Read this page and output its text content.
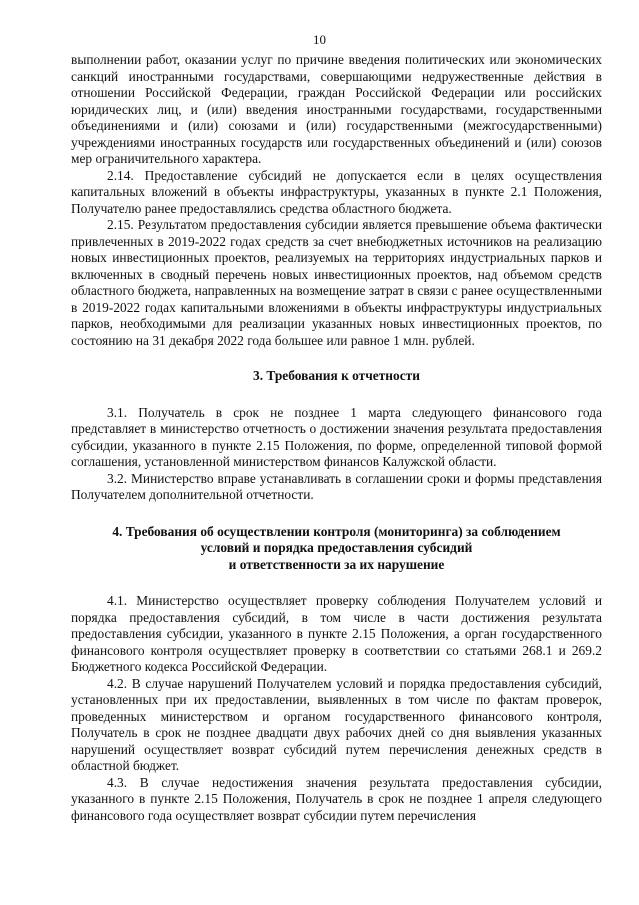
10

выполнении работ, оказании услуг по причине введения политических или экономических санкций иностранными государствами, совершающими недружественные действия в отношении Российской Федерации, граждан Российской Федерации или российских юридических лиц, и (или) введения иностранными государствами, государственными объединениями и (или) союзами и (или) государственными (межгосударственными) учреждениями иностранных государств или государственных объединений и (или) союзов мер ограничительного характера.

2.14. Предоставление субсидий не допускается если в целях осуществления капитальных вложений в объекты инфраструктуры, указанных в пункте 2.1 Положения, Получателю ранее предоставлялись средства областного бюджета.

2.15. Результатом предоставления субсидии является превышение объема фактически привлеченных в 2019-2022 годах средств за счет внебюджетных источников на реализацию новых инвестиционных проектов, реализуемых на территориях индустриальных парков и включенных в сводный перечень новых инвестиционных проектов, над объемом средств областного бюджета, направленных на возмещение затрат в связи с ранее осуществленными в 2019-2022 годах капитальными вложениями в объекты инфраструктуры индустриальных парков, необходимыми для реализации указанных новых инвестиционных проектов, по состоянию на 31 декабря 2022 года большее или равное 1 млн. рублей.

3. Требования к отчетности

3.1. Получатель в срок не позднее 1 марта следующего финансового года представляет в министерство отчетность о достижении значения результата предоставления субсидии, указанного в пункте 2.15 Положения, по форме, определенной типовой формой соглашения, установленной министерством финансов Калужской области.

3.2. Министерство вправе устанавливать в соглашении сроки и формы представления Получателем дополнительной отчетности.

4. Требования об осуществлении контроля (мониторинга) за соблюдением
условий и порядка предоставления субсидий
и ответственности за их нарушение

4.1. Министерство осуществляет проверку соблюдения Получателем условий и порядка предоставления субсидий, в том числе в части достижения результата предоставления субсидии, указанного в пункте 2.15 Положения, а орган государственного финансового контроля осуществляет проверку в соответствии со статьями 268.1 и 269.2 Бюджетного кодекса Российской Федерации.

4.2. В случае нарушений Получателем условий и порядка предоставления субсидий, установленных при их предоставлении, выявленных в том числе по фактам проверок, проведенных министерством и органом государственного финансового контроля, Получатель в срок не позднее двадцати двух рабочих дней со дня выявления указанных нарушений осуществляет возврат субсидий путем перечисления денежных средств в областной бюджет.

4.3. В случае недостижения значения результата предоставления субсидии, указанного в пункте 2.15 Положения, Получатель в срок не позднее 1 апреля следующего финансового года осуществляет возврат субсидии путем перечисления
